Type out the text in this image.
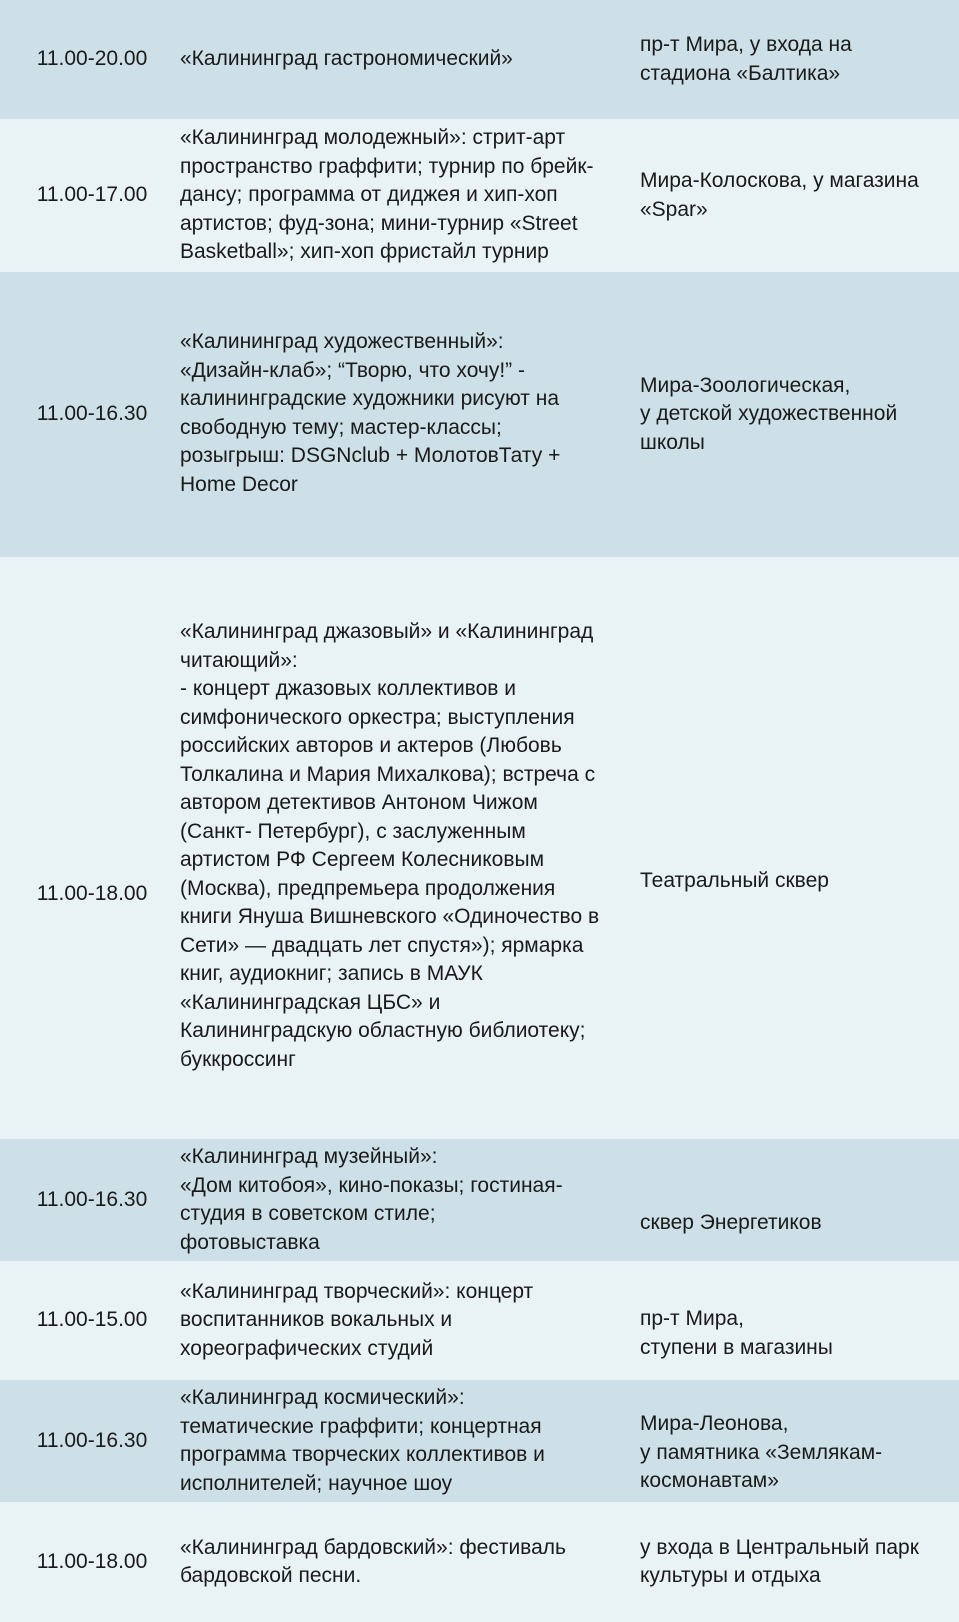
11.00-20.00 «Калининград гастрономический»
пр-т Мира, у входа на
стадиона «Балтика»
11.00-17.00
«Калининград молодежный»: стрит-арт
пространство граффити; турнир по брейк-
дансу; программа от диджея и хип-хоп
артистов; фуд-зона; мини-турнир «Street
Basketball»; хип-хоп фристайл турнир
Мира-Колоскова, у магазина
«Spar»
11.00-16.30
«Калининград художественный»:
«Дизайн-клаб»; “Творю, что хочу!” -
калининградские художники рисуют на
свободную тему; мастер-классы;
розыгрыш: DSGNclub + МолотовТату +
Home Decor
Мира-Зоологическая,
у детской художественной
школы
11.00-18.00
«Калининград джазовый» и «Калининград
читающий»:
- концерт джазовых коллективов и
симфонического оркестра; выступления
российских авторов и актеров (Любовь
Толкалина и Мария Михалкова); встреча с
автором детективов Антоном Чижом
(Санкт- Петербург), с заслуженным
артистом РФ Сергеем Колесниковым
(Москва), предпремьера продолжения
книги Януша Вишневского «Одиночество в
Сети» — двадцать лет спустя»); ярмарка
книг, аудиокниг; запись в МАУК
«Калининградская ЦБС» и
Калининградскую областную библиотеку;
буккроссинг
Театральный сквер
11.00-16.30
«Калининград музейный»:
«Дом китобоя», кино-показы; гостиная-
студия в советском стиле;
фотовыставка
сквер Энергетиков
11.00-15.00
«Калининград творческий»: концерт
воспитанников вокальных и
хореографических студий
пр-т Мира,
ступени в магазины
11.00-16.30
«Калининград космический»:
тематические граффити; концертная
программа творческих коллективов и
исполнителей; научное шоу
Мира-Леонова,
у памятника «Землякам-
космонавтам»
11.00-18.00
«Калининград бардовский»: фестиваль
бардовской песни.
у входа в Центральный парк
культуры и отдыха
